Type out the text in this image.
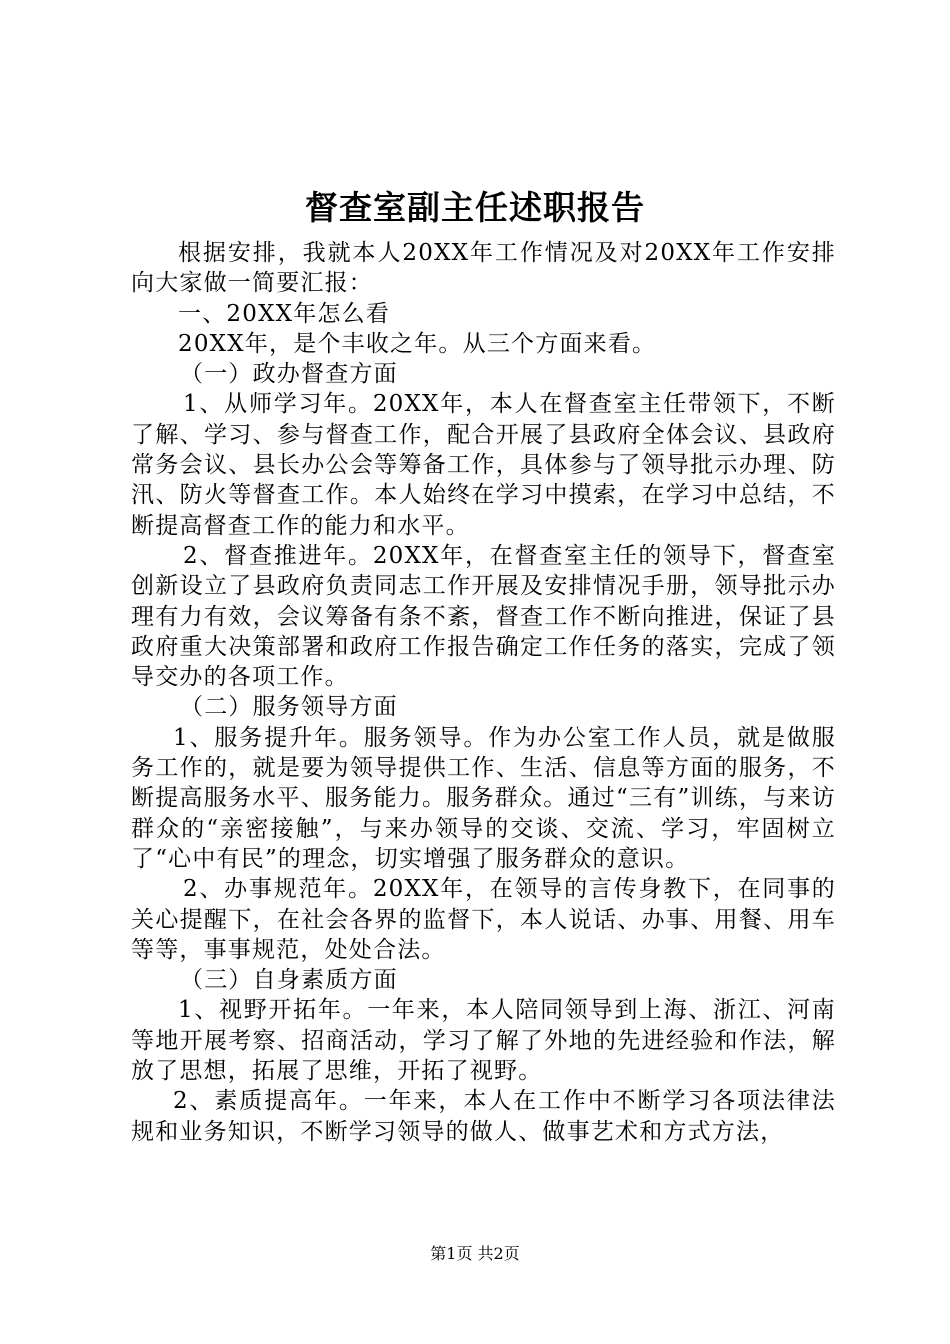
督查室副主任述职报告

根据安排，我就本人20XX年工作情况及对20XX年工作安排向大家做一简要汇报：

一、20XX年怎么看

20XX年，是个丰收之年。从三个方面来看。

（一）政办督查方面

1、从师学习年。20XX年，本人在督查室主任带领下，不断了解、学习、参与督查工作，配合开展了县政府全体会议、县政府常务会议、县长办公会等筹备工作，具体参与了领导批示办理、防汛、防火等督查工作。本人始终在学习中摸索，在学习中总结，不断提高督查工作的能力和水平。

2、督查推进年。20XX年，在督查室主任的领导下，督查室创新设立了县政府负责同志工作开展及安排情况手册，领导批示办理有力有效，会议筹备有条不紊，督查工作不断向推进，保证了县政府重大决策部署和政府工作报告确定工作任务的落实，完成了领导交办的各项工作。

（二）服务领导方面

1、服务提升年。服务领导。作为办公室工作人员，就是做服务工作的，就是要为领导提供工作、生活、信息等方面的服务，不断提高服务水平、服务能力。服务群众。通过“三有”训练，与来访群众的“亲密接触”，与来办领导的交谈、交流、学习，牢固树立了“心中有民”的理念，切实增强了服务群众的意识。

2、办事规范年。20XX年，在领导的言传身教下，在同事的关心提醒下，在社会各界的监督下，本人说话、办事、用餐、用车等等，事事规范，处处合法。

（三）自身素质方面

1、视野开拓年。一年来，本人陪同领导到上海、浙江、河南等地开展考察、招商活动，学习了解了外地的先进经验和作法，解放了思想，拓展了思维，开拓了视野。

2、素质提高年。一年来，本人在工作中不断学习各项法律法规和业务知识，不断学习领导的做人、做事艺术和方式方法，

第1页 共2页
